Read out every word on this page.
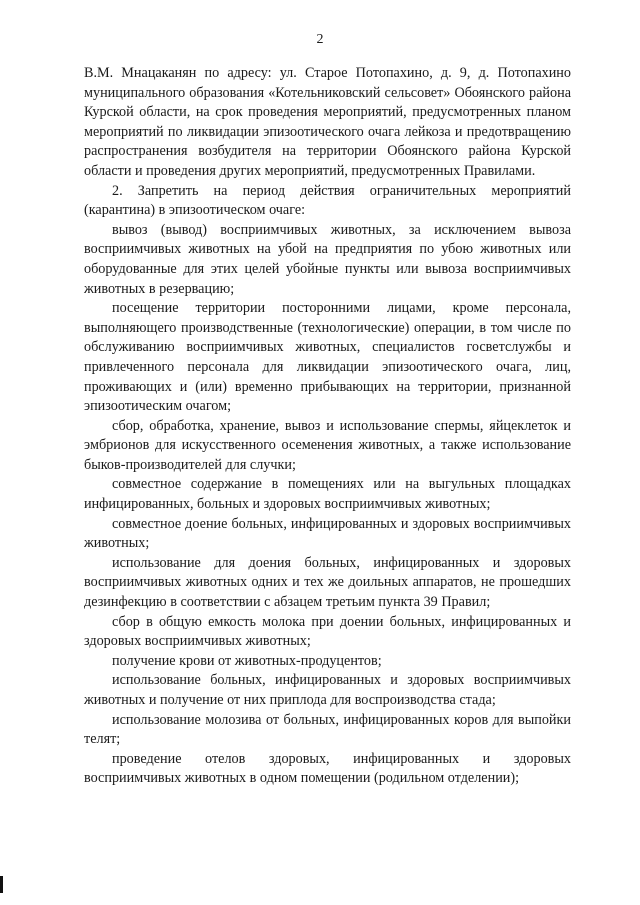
2

В.М. Мнацаканян по адресу: ул. Старое Потопахино, д. 9, д. Потопахино муниципального образования «Котельниковский сельсовет» Обоянского района Курской области, на срок проведения мероприятий, предусмотренных планом мероприятий по ликвидации эпизоотического очага лейкоза и предотвращению распространения возбудителя на территории Обоянского района Курской области и проведения других мероприятий, предусмотренных Правилами.

2. Запретить на период действия ограничительных мероприятий (карантина) в эпизоотическом очаге:

вывоз (вывод) восприимчивых животных, за исключением вывоза восприимчивых животных на убой на предприятия по убою животных или оборудованные для этих целей убойные пункты или вывоза восприимчивых животных в резервацию;

посещение территории посторонними лицами, кроме персонала, выполняющего производственные (технологические) операции, в том числе по обслуживанию восприимчивых животных, специалистов госветслужбы и привлеченного персонала для ликвидации эпизоотического очага, лиц, проживающих и (или) временно прибывающих на территории, признанной эпизоотическим очагом;

сбор, обработка, хранение, вывоз и использование спермы, яйцеклеток и эмбрионов для искусственного осеменения животных, а также использование быков-производителей для случки;

совместное содержание в помещениях или на выгульных площадках инфицированных, больных и здоровых восприимчивых животных;

совместное доение больных, инфицированных и здоровых восприимчивых животных;

использование для доения больных, инфицированных и здоровых восприимчивых животных одних и тех же доильных аппаратов, не прошедших дезинфекцию в соответствии с абзацем третьим пункта 39 Правил;

сбор в общую емкость молока при доении больных, инфицированных и здоровых восприимчивых животных;

получение крови от животных-продуцентов;

использование больных, инфицированных и здоровых восприимчивых животных и получение от них приплода для воспроизводства стада;

использование молозива от больных, инфицированных коров для выпойки телят;

проведение отелов здоровых, инфицированных и здоровых восприимчивых животных в одном помещении (родильном отделении);
